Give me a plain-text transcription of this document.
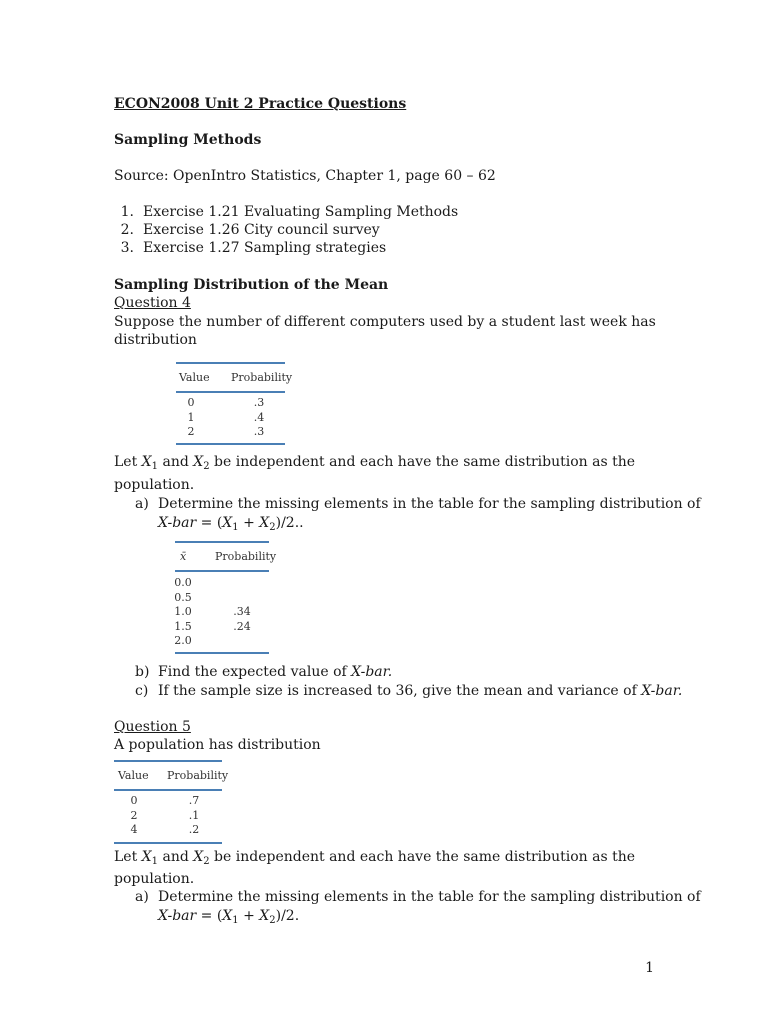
ECON2008 Unit 2 Practice Questions
Sampling Methods
Source: OpenIntro Statistics, Chapter 1, page 60 – 62
1. Exercise 1.21 Evaluating Sampling Methods
2. Exercise 1.26 City council survey
3. Exercise 1.27 Sampling strategies
Sampling Distribution of the Mean
Question 4
Suppose the number of different computers used by a student last week has
distribution
Value Probability
0
1
2
.3
.4
.3
Let $X_1$ and $X_2$ be independent and each have the same distribution as the
population.
a) Determine the missing elements in the table for the sampling distribution of
$X-bar = (X_1 + X_2)/2$..
x̄	Probability
0.0
0.5
1.0
1.5
2.0
.34
.24
b) Find the expected value of X-bar.
c) If the sample size is increased to 36, give the mean and variance of X-bar.
Question 5
A population has distribution
Value Probability
0
2
4
.7
.1
.2
Let $X_1$ and $X_2$ be independent and each have the same distribution as the
population.
a) Determine the missing elements in the table for the sampling distribution of
$X-bar = (X_1 + X_2)/2$.
1
